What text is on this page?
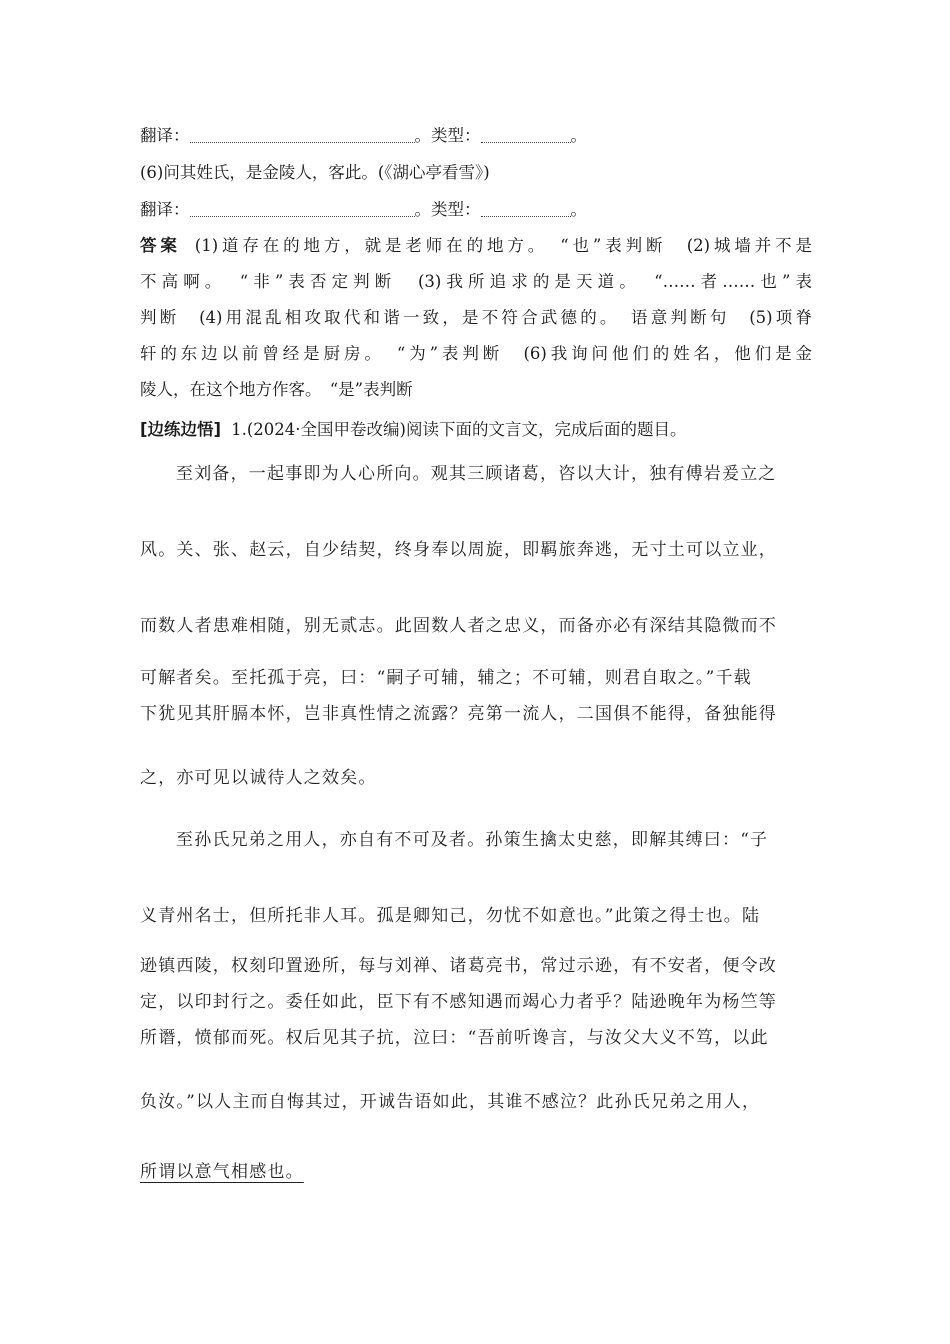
翻译：	。类型：	。
(6)问其姓氏，是金陵人，客此。(《湖心亭看雪》)
翻译：	。类型：	。
答案 (1)道存在的地方，就是老师在的地方。　“也”表判断　(2)城墙并不是
不高啊。　“非”表否定判断　(3)我所追求的是天道。　“……者……也”表
判断　(4)用混乱相攻取代和谐一致，是不符合武德的。　语意判断句　(5)项脊
轩的东边以前曾经是厨房。　“为”表判断　(6)我询问他们的姓名，他们是金
陵人，在这个地方作客。　“是”表判断
[边练边悟] 1.(2024·全国甲卷改编)阅读下面的文言文，完成后面的题目。
至刘备，一起事即为人心所向。观其三顾诸葛，咨以大计，独有傅岩爰立之
风。关、张、赵云，自少结契，终身奉以周旋，即羁旅奔逃，无寸土可以立业，
而数人者患难相随，别无贰志。此固数人者之忠义，而备亦必有深结其隐微而不
可解者矣。至托孤于亮，曰：“嗣子可辅，辅之；不可辅，则君自取之。”千载
下犹见其肝膈本怀，岂非真性情之流露？亮第一流人，二国俱不能得，备独能得
之，亦可见以诚待人之效矣。
至孙氏兄弟之用人，亦自有不可及者。孙策生擒太史慈，即解其缚曰：“子
义青州名士，但所托非人耳。孤是卿知己，勿忧不如意也。”此策之得士也。陆
逊镇西陵，权刻印置逊所，每与刘禅、诸葛亮书，常过示逊，有不安者，便令改
定，以印封行之。委任如此，臣下有不感知遇而竭心力者乎？陆逊晚年为杨竺等
所谮，愤郁而死。权后见其子抗，泣曰：“吾前听谗言，与汝父大义不笃，以此
负汝。”以人主而自悔其过，开诚告语如此，其谁不感泣？此孙氏兄弟之用人，
所谓以意气相感也。
